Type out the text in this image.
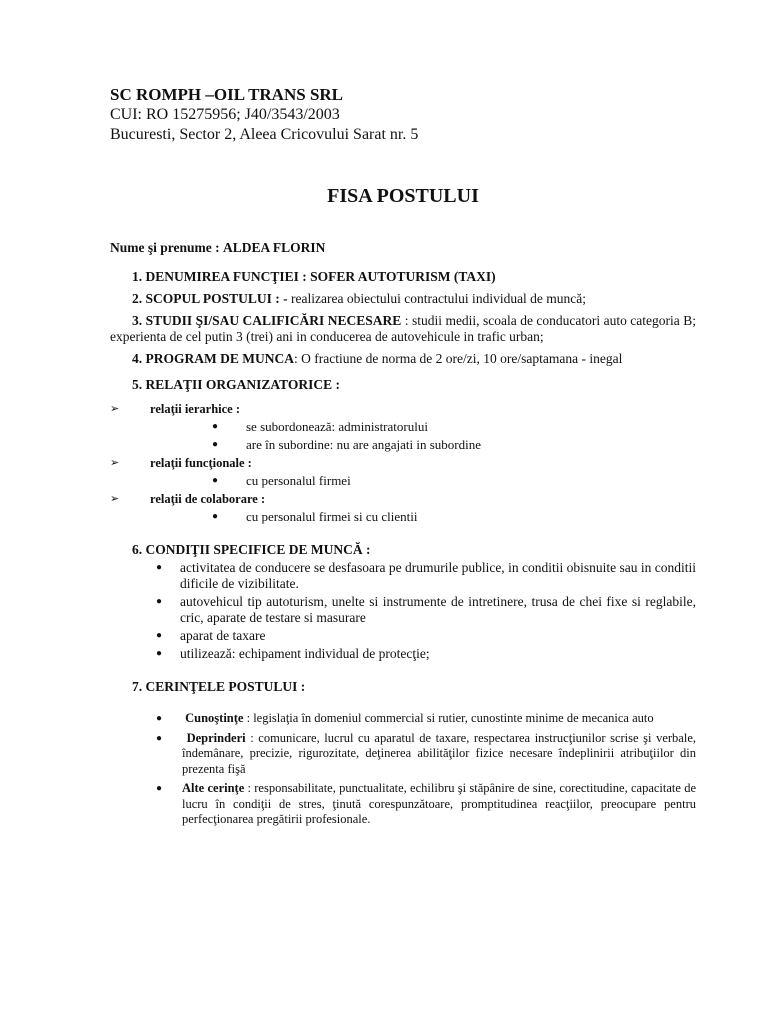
SC ROMPH –OIL TRANS SRL
CUI: RO 15275956; J40/3543/2003
Bucuresti, Sector 2, Aleea Cricovului Sarat nr. 5
FISA POSTULUI
Nume şi prenume : ALDEA FLORIN
1. DENUMIREA FUNCŢIEI : SOFER AUTOTURISM (TAXI)
2. SCOPUL POSTULUI : - realizarea obiectului contractului individual de muncă;
3. STUDII ŞI/SAU CALIFICĂRI NECESARE : studii medii, scoala de conducatori auto categoria B; experienta de cel putin 3 (trei) ani in conducerea de autovehicule in trafic urban;
4. PROGRAM DE MUNCA: O fractiune de norma de 2 ore/zi, 10 ore/saptamana - inegal
5. RELAŢII ORGANIZATORICE :
➢	relaţii ierarhice :
●	se subordonează: administratorului
●	are în subordine: nu are angajati in subordine
➢	relaţii funcţionale :
●	cu personalul firmei
➢	relaţii de colaborare :
●	cu personalul firmei si cu clientii
6. CONDIŢII SPECIFICE DE MUNCĂ :
●	activitatea de conducere se desfasoara pe drumurile publice, in conditii obisnuite sau in conditii dificile de vizibilitate.
●	autovehicul tip autoturism, unelte si instrumente de intretinere, trusa de chei fixe si reglabile, cric, aparate de testare si masurare
●	aparat de taxare
●	utilizează: echipament individual de protecţie;
7. CERINŢELE POSTULUI :
●	Cunoştinţe : legislaţia în domeniul commercial si rutier, cunostinte minime de mecanica auto
●	Deprinderi : comunicare, lucrul cu aparatul de taxare, respectarea instrucţiunilor scrise şi verbale, îndemânare, precizie, rigurozitate, deţinerea abilităţilor fizice necesare îndeplinirii atribuţiilor din prezenta fişă
●	Alte cerinţe : responsabilitate, punctualitate, echilibru şi stăpânire de sine, corectitudine, capacitate de lucru în condiţii de stres, ţinută corespunzătoare, promptitudinea reacţiilor, preocupare pentru perfecţionarea pregătirii profesionale.
